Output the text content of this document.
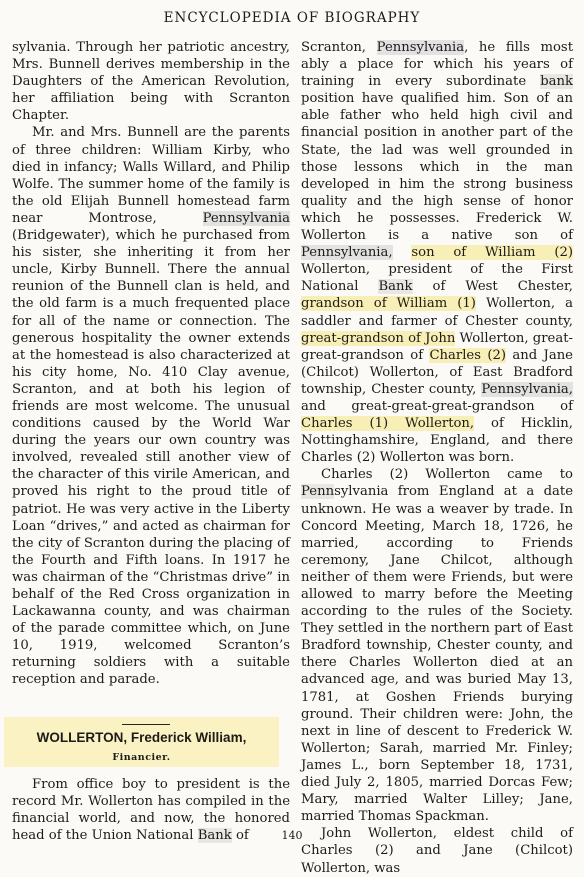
ENCYCLOPEDIA OF BIOGRAPHY

sylvania. Through her patriotic ancestry, Mrs. Bunnell derives membership in the Daughters of the American Revolution, her affiliation being with Scranton Chapter.

Mr. and Mrs. Bunnell are the parents of three children: William Kirby, who died in infancy; Walls Willard, and Philip Wolfe. The summer home of the family is the old Elijah Bunnell homestead farm near Montrose,	Pennsylvania (Bridgewater), which he purchased from his sister, she inheriting it from her uncle, Kirby Bunnell. There the annual reunion of the Bunnell clan is held, and the old farm is a much frequented place for all of the name or connection. The generous hospitality the owner extends at the homestead is also characterized at his city home, No. 410 Clay avenue, Scranton, and at both his legion of friends are most welcome. The unusual conditions caused by the World War during the years our own country was involved, revealed still another view of the character of this virile American, and proved his right to the proud title of patriot. He was very active in the Liberty Loan “drives,” and acted as chairman for the city of Scranton during the placing of the Fourth and Fifth loans. In 1917 he was chairman of the “Christmas drive” in behalf of the Red Cross organization in Lackawanna county, and was chairman of the parade committee which, on June 10, 1919, welcomed Scranton’s returning soldiers with a suitable reception and parade.

WOLLERTON, Frederick William,
Financier.

From office boy to president is the record Mr. Wollerton has compiled in the financial world, and now, the honored head of the Union National Bank of

Scranton, Pennsylvania, he fills most ably a place for which his years of training in every subordinate bank position have qualified him. Son of an able father who held high civil and financial position in another part of the State, the lad was well grounded in those lessons which in the man developed in him the strong business quality and the high sense of honor which he possesses. Frederick W. Wollerton is a native son of Pennsylvania, son of William (2) Wollerton, president of the First National Bank of West Chester, grandson of William (1) Wollerton, a saddler and farmer of Chester county, great-grandson of John Wollerton, great-great-grandson of Charles (2) and Jane (Chilcot) Wollerton, of East Bradford township, Chester county, Pennsylvania, and great-great-great-grandson of Charles (1) Wollerton, of Hicklin, Nottinghamshire, England, and there Charles (2) Wollerton was born.

Charles (2) Wollerton came to Pennsylvania from England at a date unknown. He was a weaver by trade. In Concord Meeting, March 18, 1726, he married, according to Friends ceremony, Jane Chilcot, although neither of them were Friends, but were allowed to marry before the Meeting according to the rules of the Society. They settled in the northern part of East Bradford township, Chester county, and there Charles Wollerton died at an advanced age, and was buried May 13, 1781, at Goshen Friends burying ground. Their children were: John, the next in line of descent to Frederick W. Wollerton; Sarah, married Mr. Finley; James L., born September 18, 1731, died July 2, 1805, married Dorcas Few; Mary, married Walter Lilley; Jane, married Thomas Spackman.

John Wollerton, eldest child of Charles (2) and Jane (Chilcot) Wollerton, was

140
